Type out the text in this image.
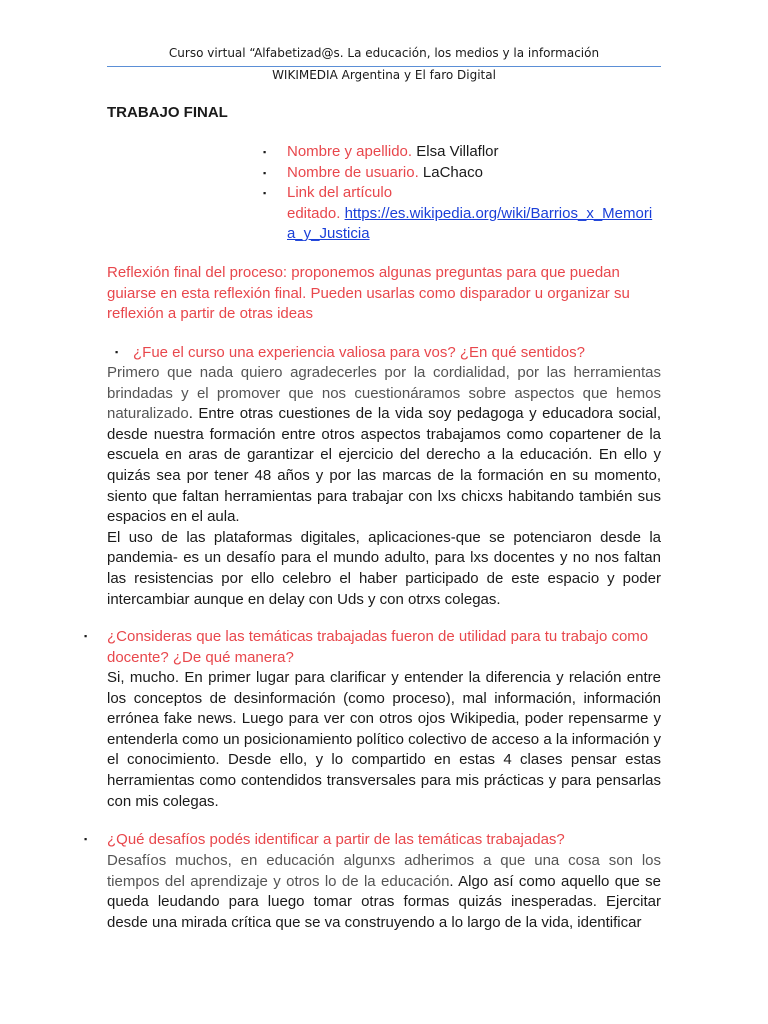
Curso virtual “Alfabetizad@s. La educación, los medios y la información
WIKIMEDIA Argentina y El faro Digital
TRABAJO FINAL
▪ Nombre y apellido. Elsa Villaflor
▪ Nombre de usuario. LaChaco
▪ Link del artículo
editado. https://es.wikipedia.org/wiki/Barrios_x_Memori
a_y_Justicia
Reflexión final del proceso: proponemos algunas preguntas para que puedan guiarse en esta reflexión final. Pueden usarlas como disparador u organizar su reflexión a partir de otras ideas
▪ ¿Fue el curso una experiencia valiosa para vos? ¿En qué sentidos?
Primero que nada quiero agradecerles por la cordialidad, por las herramientas brindadas y el promover que nos cuestionáramos sobre aspectos que hemos naturalizado. Entre otras cuestiones de la vida soy pedagoga y educadora social, desde nuestra formación entre otros aspectos trabajamos como copartener de la escuela en aras de garantizar el ejercicio del derecho a la educación. En ello y quizás sea por tener 48 años y por las marcas de la formación en su momento, siento que faltan herramientas para trabajar con lxs chicxs habitando también sus espacios en el aula.
El uso de las plataformas digitales, aplicaciones-que se potenciaron desde la pandemia- es un desafío para el mundo adulto, para lxs docentes y no nos faltan las resistencias por ello celebro el haber participado de este espacio y poder intercambiar aunque en delay con Uds y con otrxs colegas.
▪ ¿Consideras que las temáticas trabajadas fueron de utilidad para tu trabajo como docente? ¿De qué manera?
Si, mucho. En primer lugar para clarificar y entender la diferencia y relación entre los conceptos de desinformación (como proceso), mal información, información errónea fake news. Luego para ver con otros ojos Wikipedia, poder repensarme y entenderla como un posicionamiento político colectivo de acceso a la información y el conocimiento. Desde ello, y lo compartido en estas 4 clases pensar estas herramientas como contendidos transversales para mis prácticas y para pensarlas con mis colegas.
▪ ¿Qué desafíos podés identificar a partir de las temáticas trabajadas?
Desafíos muchos, en educación algunxs adherimos a que una cosa son los tiempos del aprendizaje y otros lo de la educación. Algo así como aquello que se queda leudando para luego tomar otras formas quizás inesperadas. Ejercitar desde una mirada crítica que se va construyendo a lo largo de la vida, identificar
